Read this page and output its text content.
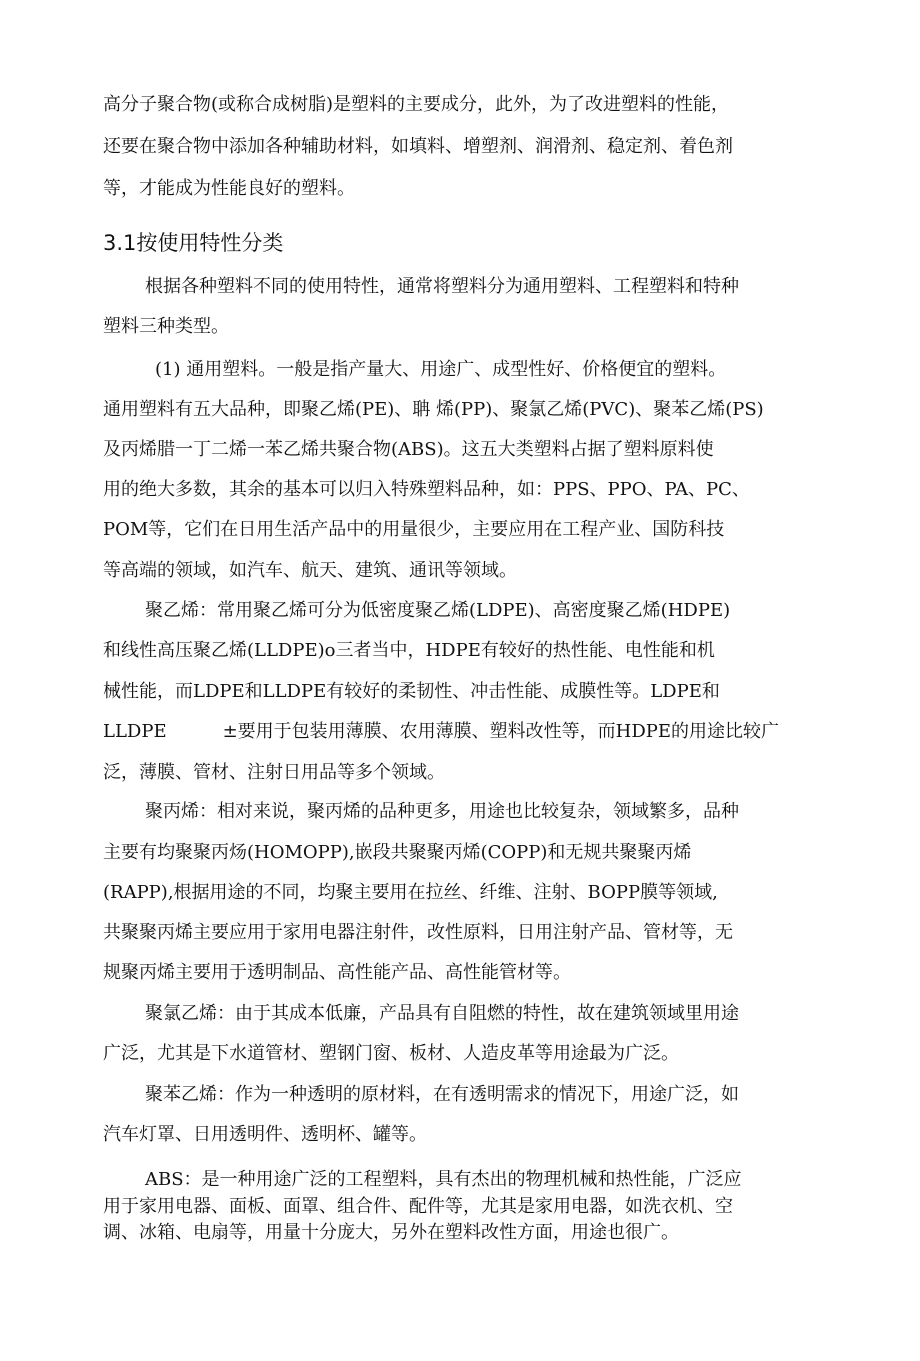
高分子聚合物(或称合成树脂)是塑料的主要成分，此外，为了改进塑料的性能，
还要在聚合物中添加各种辅助材料，如填料、增塑剂、润滑剂、稳定剂、着色剂
等，才能成为性能良好的塑料。
3.1按使用特性分类
根据各种塑料不同的使用特性，通常将塑料分为通用塑料、工程塑料和特种
塑料三种类型。
(1) 通用塑料。一般是指产量大、用途广、成型性好、价格便宜的塑料。
通用塑料有五大品种，即聚乙烯(PE)、聃 烯(PP)、聚氯乙烯(PVC)、聚苯乙烯(PS)
及丙烯腊一丁二烯一苯乙烯共聚合物(ABS)。这五大类塑料占据了塑料原料使
用的绝大多数，其余的基本可以归入特殊塑料品种，如：PPS、PPO、PA、PC、
POM等，它们在日用生活产品中的用量很少，主要应用在工程产业、国防科技
等高端的领域，如汽车、航天、建筑、通讯等领域。
聚乙烯：常用聚乙烯可分为低密度聚乙烯(LDPE)、高密度聚乙烯(HDPE)
和线性高压聚乙烯(LLDPE)o三者当中，HDPE有较好的热性能、电性能和机
械性能，而LDPE和LLDPE有较好的柔韧性、冲击性能、成膜性等。LDPE和
LLDPE	±要用于包装用薄膜、农用薄膜、塑料改性等，而HDPE的用途比较广
泛，薄膜、管材、注射日用品等多个领域。
聚丙烯：相对来说，聚丙烯的品种更多，用途也比较复杂，领域繁多，品种
主要有均聚聚丙炀(HOMOPP),嵌段共聚聚丙烯(COPP)和无规共聚聚丙烯
(RAPP),根据用途的不同，均聚主要用在拉丝、纤维、注射、BOPP膜等领域,
共聚聚丙烯主要应用于家用电器注射件，改性原料，日用注射产品、管材等，无
规聚丙烯主要用于透明制品、高性能产品、高性能管材等。
聚氯乙烯：由于其成本低廉，产品具有自阻燃的特性，故在建筑领域里用途
广泛，尤其是下水道管材、塑钢门窗、板材、人造皮革等用途最为广泛。
聚苯乙烯：作为一种透明的原材料，在有透明需求的情况下，用途广泛，如
汽车灯罩、日用透明件、透明杯、罐等。
ABS：是一种用途广泛的工程塑料，具有杰出的物理机械和热性能，广泛应
用于家用电器、面板、面罩、组合件、配件等，尤其是家用电器，如洗衣机、空
调、冰箱、电扇等，用量十分庞大，另外在塑料改性方面，用途也很广。
